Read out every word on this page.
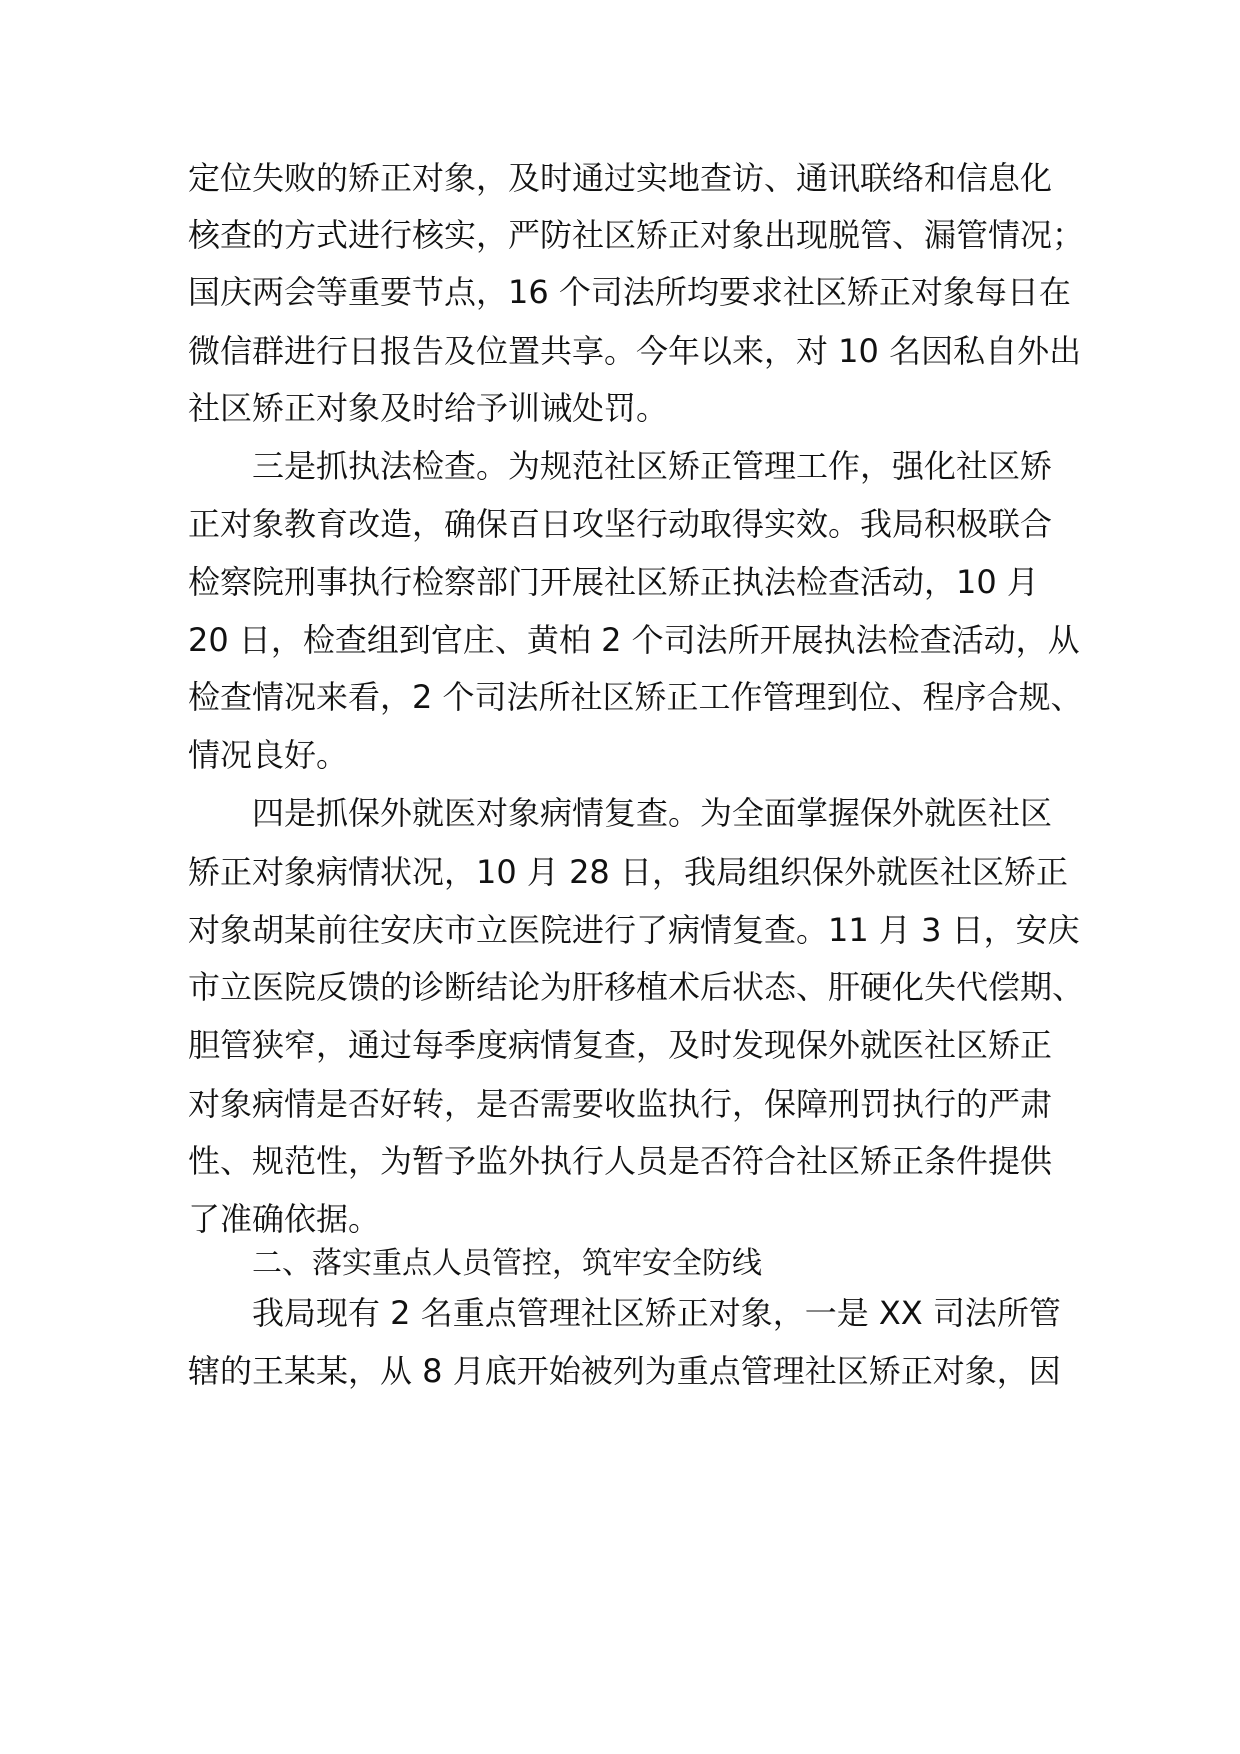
定位失败的矫正对象，及时通过实地查访、通讯联络和信息化
核查的方式进行核实，严防社区矫正对象出现脱管、漏管情况；
国庆两会等重要节点，16 个司法所均要求社区矫正对象每日在
微信群进行日报告及位置共享。今年以来，对 10 名因私自外出
社区矫正对象及时给予训诫处罚。
三是抓执法检查。为规范社区矫正管理工作，强化社区矫
正对象教育改造，确保百日攻坚行动取得实效。我局积极联合
检察院刑事执行检察部门开展社区矫正执法检查活动，10 月
20 日，检查组到官庄、黄柏 2 个司法所开展执法检查活动，从
检查情况来看，2 个司法所社区矫正工作管理到位、程序合规、
情况良好。
四是抓保外就医对象病情复查。为全面掌握保外就医社区
矫正对象病情状况，10 月 28 日，我局组织保外就医社区矫正
对象胡某前往安庆市立医院进行了病情复查。11 月 3 日，安庆
市立医院反馈的诊断结论为肝移植术后状态、肝硬化失代偿期、
胆管狭窄，通过每季度病情复查，及时发现保外就医社区矫正
对象病情是否好转，是否需要收监执行，保障刑罚执行的严肃
性、规范性，为暂予监外执行人员是否符合社区矫正条件提供
了准确依据。
二、落实重点人员管控，筑牢安全防线
我局现有 2 名重点管理社区矫正对象，一是 XX 司法所管
辖的王某某，从 8 月底开始被列为重点管理社区矫正对象，因
